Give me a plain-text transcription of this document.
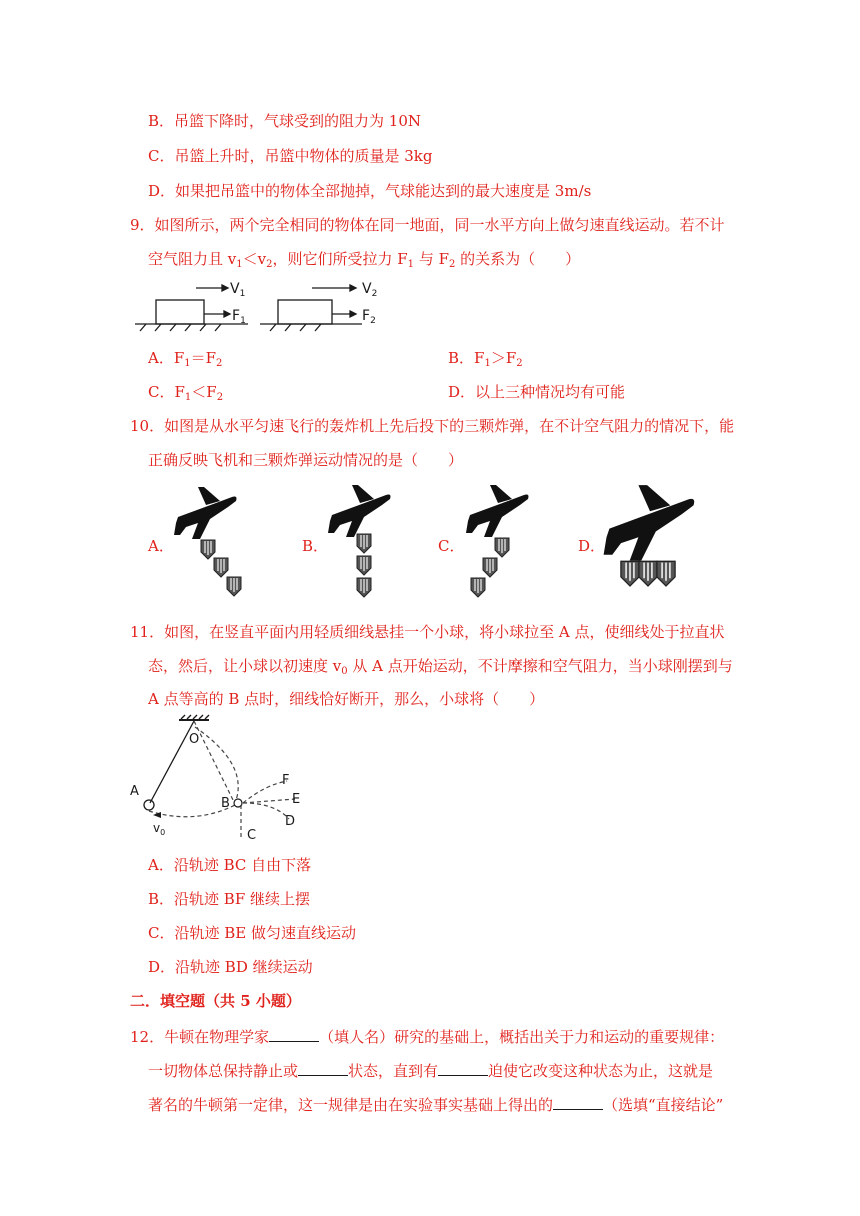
B．吊篮下降时，气球受到的阻力为 10N
C．吊篮上升时，吊篮中物体的质量是 3kg
D．如果把吊篮中的物体全部抛掉，气球能达到的最大速度是 3m/s
9．如图所示，两个完全相同的物体在同一地面，同一水平方向上做匀速直线运动。若不计
空气阻力且 $v_1<v_2$，则它们所受拉力 $F_1$ 与 $F_2$ 的关系为（　　）
$V_1$
$F_1$
$V_2$
$F_2$
A．$F_1=F_2$	B．$F_1>F_2$
C．$F_1<F_2$	D．以上三种情况均有可能
10．如图是从水平匀速飞行的轰炸机上先后投下的三颗炸弹，在不计空气阻力的情况下，能
正确反映飞机和三颗炸弹运动情况的是（　　）
A．	B．	C．	D．
11．如图，在竖直平面内用轻质细线悬挂一个小球，将小球拉至 A 点，使细线处于拉直状
态，然后，让小球以初速度 $v_0$ 从 A 点开始运动，不计摩擦和空气阻力，当小球刚摆到与
A 点等高的 B 点时，细线恰好断开，那么，小球将（　　）
O
A
B
C
D
E
F
$v_0$
A．沿轨迹 BC 自由下落
B．沿轨迹 BF 继续上摆
C．沿轨迹 BE 做匀速直线运动
D．沿轨迹 BD 继续运动
二．填空题（共 5 小题）
12．牛顿在物理学家	（填人名）研究的基础上，概括出关于力和运动的重要规律：
一切物体总保持静止或	状态，直到有	迫使它改变这种状态为止，这就是
著名的牛顿第一定律，这一规律是由在实验事实基础上得出的	（选填“直接结论”
